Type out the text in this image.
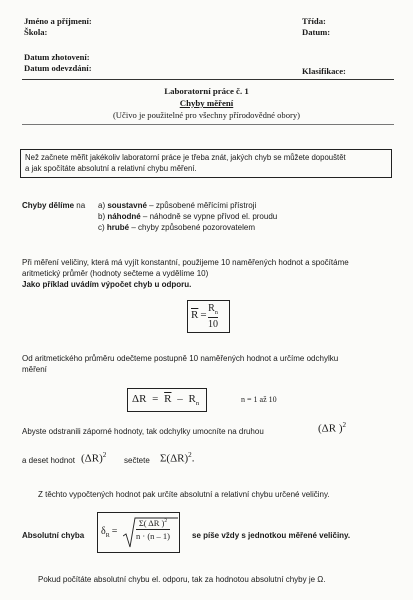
Jméno a příjmení:
Škola:
Třída:
Datum:
Datum zhotovení:
Datum odevzdání:	Klasifikace:
Laboratorní práce č. 1
Chyby měření
(Učivo je použitelné pro všechny přírodovědné obory)
Než začnete měřit jakékoliv laboratorní práce je třeba znát, jakých chyb se můžete dopouštět
a jak spočítáte absolutní a relativní chybu měření.
Chyby dělíme na a) soustavné – způsobené měřícími přístroji
b) náhodné – náhodně se vypne přívod el. proudu
c) hrubé – chyby způsobené pozorovatelem
Při měření veličiny, která má vyjít konstantní, použijeme 10 naměřených hodnot a spočítáme
aritmetický průměr (hodnoty sečteme a vydělíme 10)
Jako příklad uvádím výpočet chyb u odporu.
$\overline{R}$ =
$R_n$
10
Od aritmetického průměru odečteme postupně 10 naměřených hodnot a určíme odchylku
měření
$\Delta R = \overline{R} - R_n$	n = 1 až 10
Abyste odstranili záporné hodnoty, tak odchylky umocníte na druhou	(ΔR )$^2$
a deset hodnot $(\Delta R)^2$
sečtete $\Sigma(\Delta R)^2$.
Z těchto vypočtených hodnot pak určíte absolutní a relativní chybu určené veličiny.
Absolutní chyba $\delta_R$ =
Σ( ΔR )$^2$
n · (n – 1)	se píše vždy s jednotkou měřené veličiny.
Pokud počítáte absolutní chybu el. odporu, tak za hodnotou absolutní chyby je Ω.
